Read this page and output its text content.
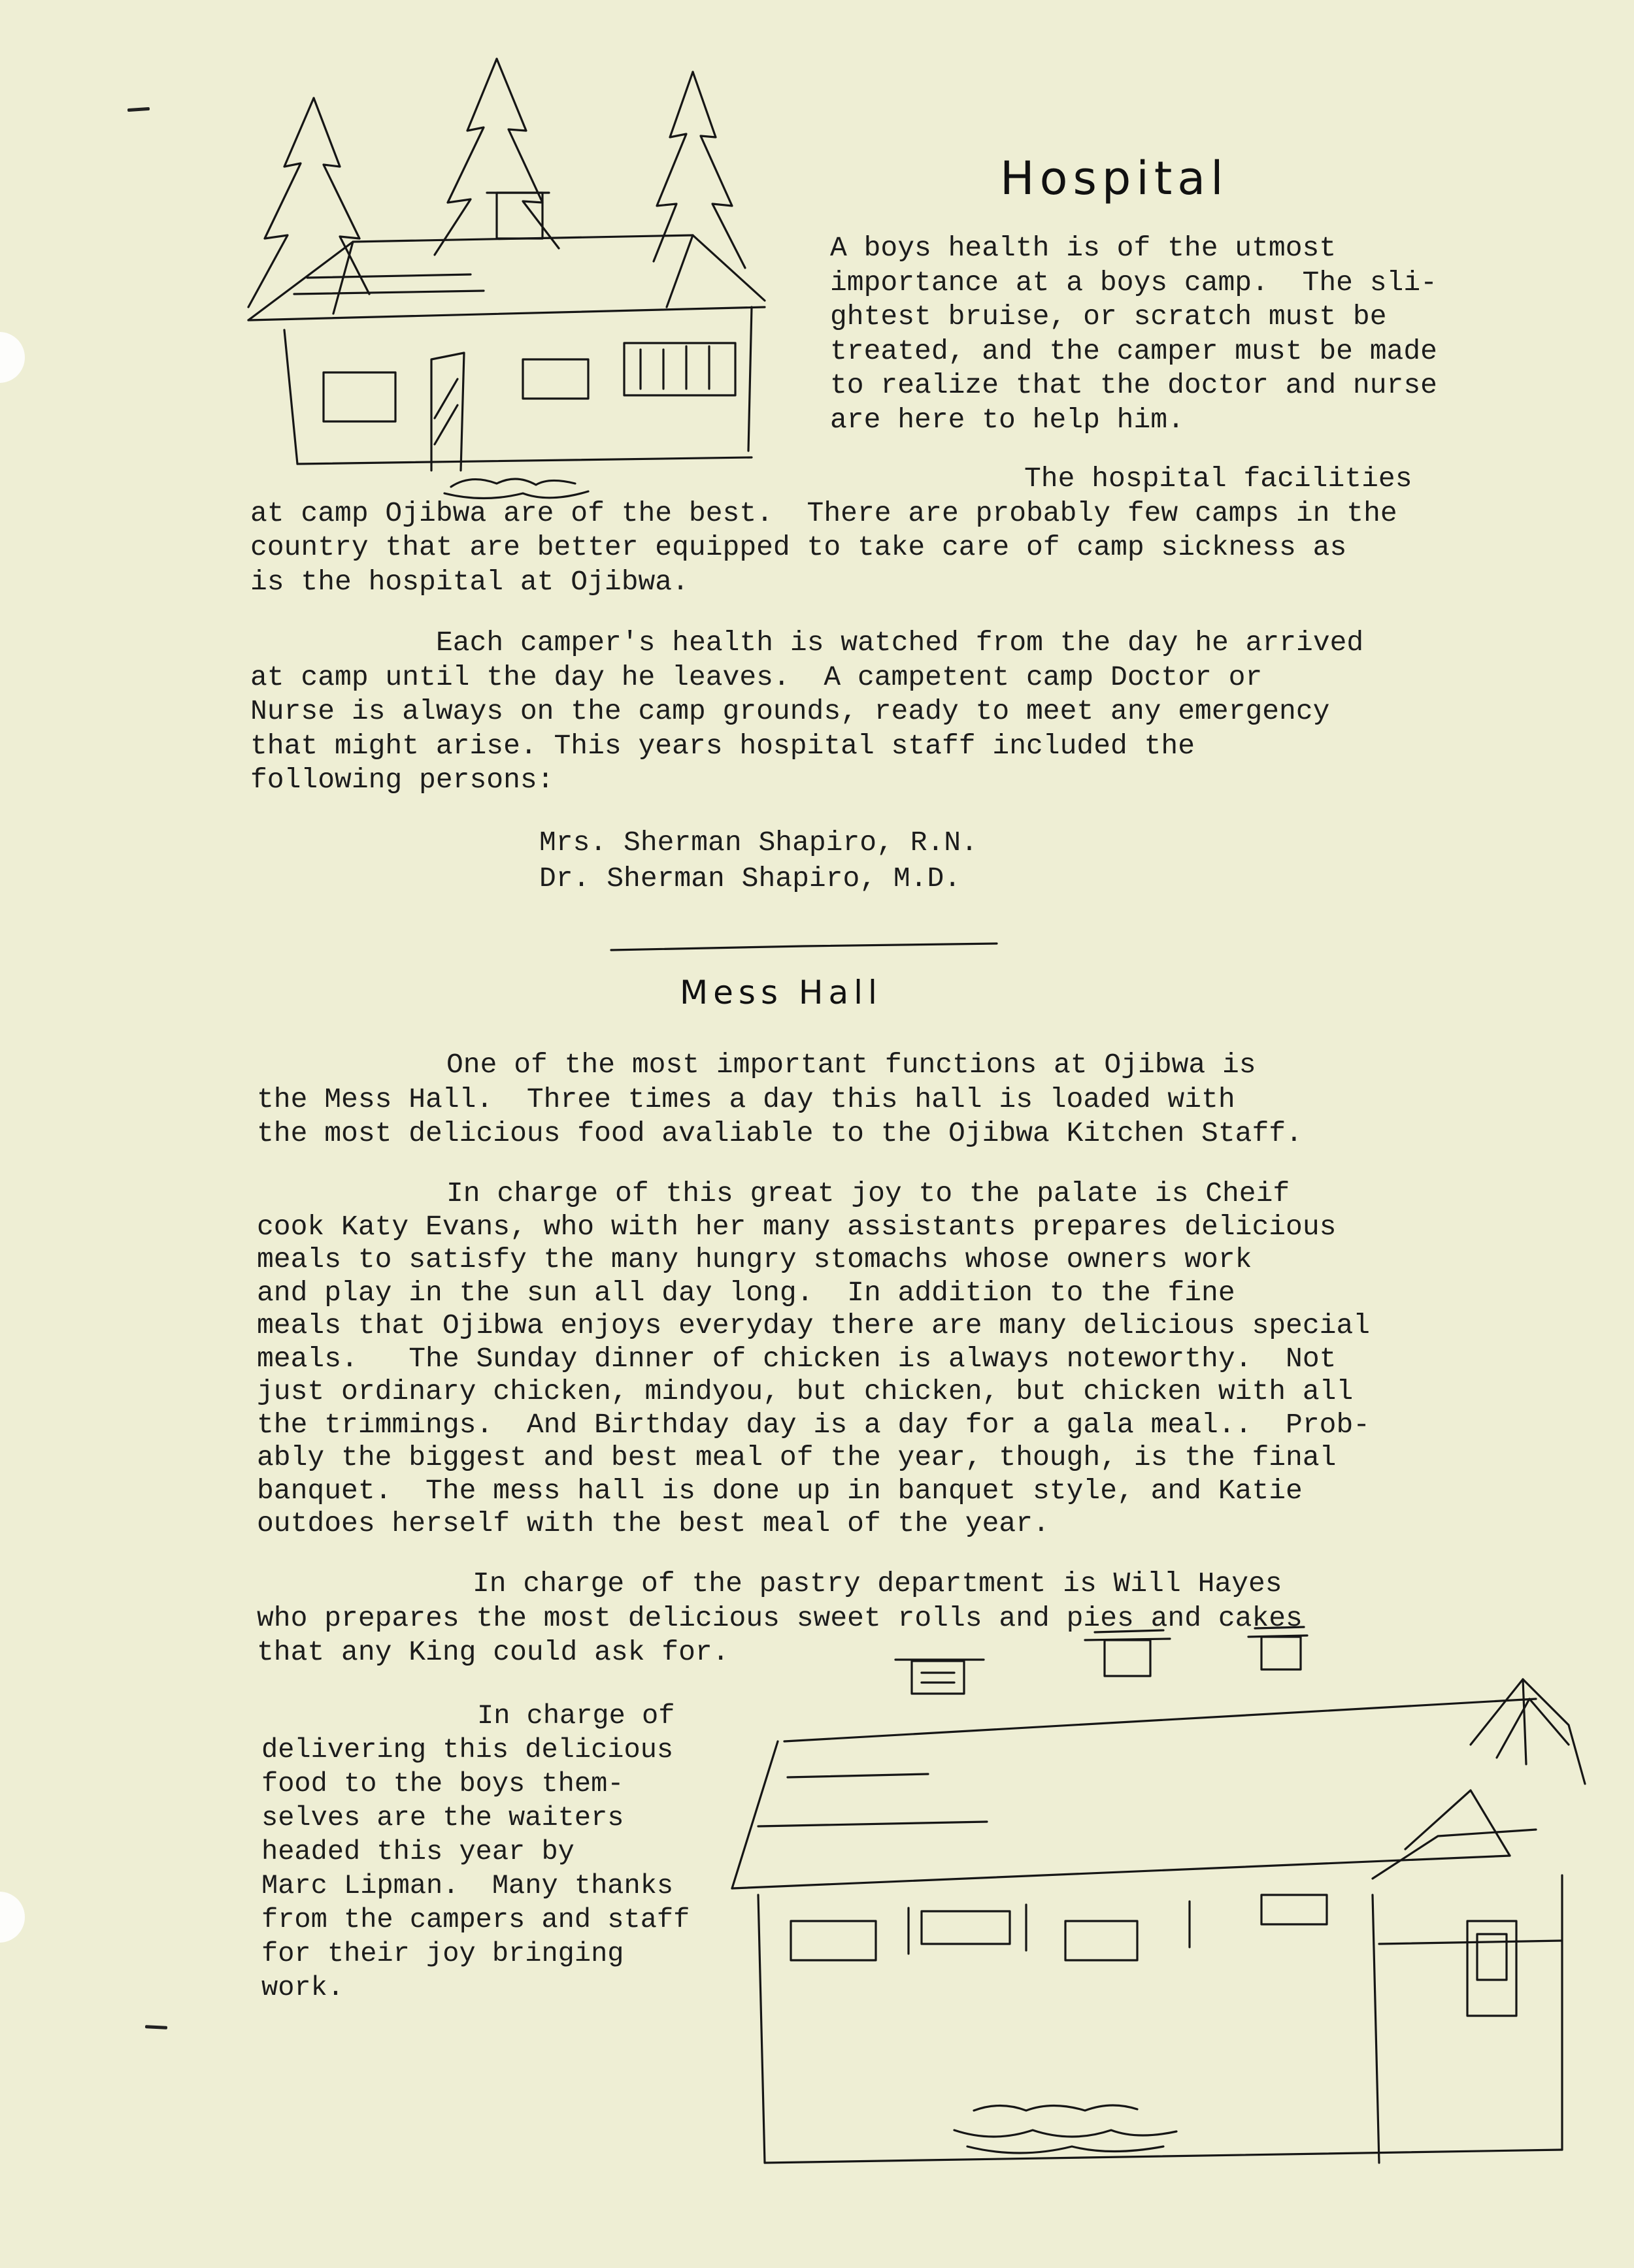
Hospital
A boys health is of the utmost
importance at a boys camp.  The sli-
ghtest bruise, or scratch must be
treated, and the camper must be made
to realize that the doctor and nurse
are here to help him.
The hospital facilities
at camp Ojibwa are of the best.  There are probably few camps in the
country that are better equipped to take care of camp sickness as
is the hospital at Ojibwa.
Each camper's health is watched from the day he arrived
at camp until the day he leaves.  A campetent camp Doctor or
Nurse is always on the camp grounds, ready to meet any emergency
that might arise. This years hospital staff included the
following persons:
Mrs. Sherman Shapiro, R.N.
Dr. Sherman Shapiro, M.D.
Mess Hall
One of the most important functions at Ojibwa is
the Mess Hall.  Three times a day this hall is loaded with
the most delicious food avaliable to the Ojibwa Kitchen Staff.
In charge of this great joy to the palate is Cheif
cook Katy Evans, who with her many assistants prepares delicious
meals to satisfy the many hungry stomachs whose owners work
and play in the sun all day long.  In addition to the fine
meals that Ojibwa enjoys everyday there are many delicious special
meals.   The Sunday dinner of chicken is always noteworthy.  Not
just ordinary chicken, mindyou, but chicken, but chicken with all
the trimmings.  And Birthday day is a day for a gala meal..  Prob-
ably the biggest and best meal of the year, though, is the final
banquet.  The mess hall is done up in banquet style, and Katie
outdoes herself with the best meal of the year.
In charge of the pastry department is Will Hayes
who prepares the most delicious sweet rolls and pies and cakes
that any King could ask for.
In charge of
delivering this delicious
food to the boys them-
selves are the waiters
headed this year by
Marc Lipman.  Many thanks
from the campers and staff
for their joy bringing
work.
